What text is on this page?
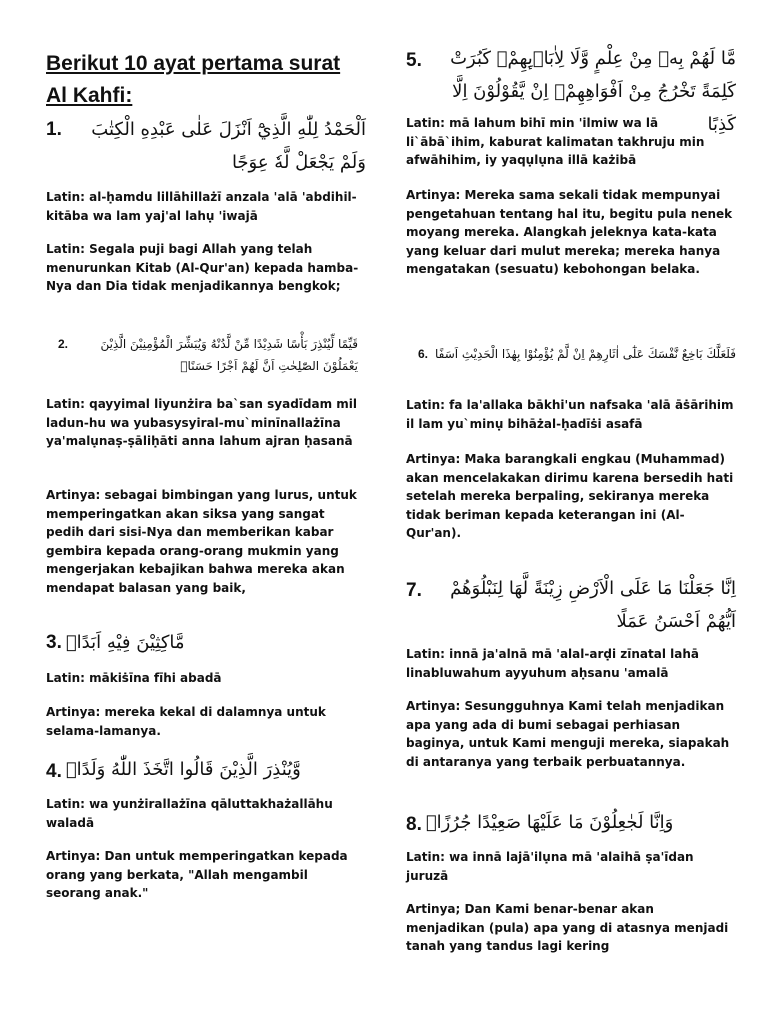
Berikut 10 ayat pertama surat Al Kahfi:
1.	اَلْحَمْدُ لِلّٰهِ الَّذِيْٓ اَنْزَلَ عَلٰى عَبْدِهِ الْكِتٰبَ وَلَمْ يَجْعَلْ لَّهٗ عِوَجًا
Latin: al-ḥamdu lillāhillażī anzala 'alā 'abdihil-kitāba wa lam yaj'al lahụ 'iwajā
Latin: Segala puji bagi Allah yang telah menurunkan Kitab (Al-Qur'an) kepada hamba-Nya dan Dia tidak menjadikannya bengkok;
2.	قَيِّمًا لِّيُنْذِرَ بَأْسًا شَدِيْدًا مِّنْ لَّدُنْهُ وَيُبَشِّرَ الْمُؤْمِنِيْنَ الَّذِيْنَ يَعْمَلُوْنَ الصّٰلِحٰتِ اَنَّ لَهُمْ اَجْرًا حَسَنًاۙ
Latin: qayyimal liyunżira ba`san syadīdam mil ladun-hu wa yubasysyiral-mu`minīnallażīna ya'malụnaṣ-ṣāliḥāti anna lahum ajran ḥasanā
Artinya: sebagai bimbingan yang lurus, untuk memperingatkan akan siksa yang sangat pedih dari sisi-Nya dan memberikan kabar gembira kepada orang-orang mukmin yang mengerjakan kebajikan bahwa mereka akan mendapat balasan yang baik,
3. مَّاكِثِيْنَ فِيْهِ اَبَدًاۙ
Latin: mākiṡīna fīhi abadā
Artinya: mereka kekal di dalamnya untuk selama-lamanya.
4. وَّيُنْذِرَ الَّذِيْنَ قَالُوا اتَّخَذَ اللّٰهُ وَلَدًاۖ
Latin: wa yunżirallażīna qāluttakhażallāhu waladā
Artinya: Dan untuk memperingatkan kepada orang yang berkata, "Allah mengambil seorang anak."
5.	مَّا لَهُمْ بِهٖ مِنْ عِلْمٍ وَّلَا لِاٰبَاۤىِٕهِمْۗ كَبُرَتْ كَلِمَةً تَخْرُجُ مِنْ اَفْوَاهِهِمْۗ اِنْ يَّقُوْلُوْنَ اِلَّا كَذِبًا
Latin: mā lahum bihī min 'ilmiw wa lā li`ābā`ihim, kaburat kalimatan takhruju min afwāhihim, iy yaqụlụna illā każibā
Artinya: Mereka sama sekali tidak mempunyai pengetahuan tentang hal itu, begitu pula nenek moyang mereka. Alangkah jeleknya kata-kata yang keluar dari mulut mereka; mereka hanya mengatakan (sesuatu) kebohongan belaka.
6. فَلَعَلَّكَ بَاخِعٌ نَّفْسَكَ عَلٰٓى اٰثَارِهِمْ اِنْ لَّمْ يُؤْمِنُوْا بِهٰذَا الْحَدِيْثِ اَسَفًا
Latin: fa la'allaka bākhi'un nafsaka 'alā āṡārihim il lam yu`minụ bihāżal-ḥadīṡi asafā
Artinya: Maka barangkali engkau (Muhammad) akan mencelakakan dirimu karena bersedih hati setelah mereka berpaling, sekiranya mereka tidak beriman kepada keterangan ini (Al-Qur'an).
7.	اِنَّا جَعَلْنَا مَا عَلَى الْاَرْضِ زِيْنَةً لَّهَا لِنَبْلُوَهُمْ اَيُّهُمْ اَحْسَنُ عَمَلًا
Latin: innā ja'alnā mā 'alal-arḍi zīnatal lahā linabluwahum ayyuhum aḥsanu 'amalā
Artinya: Sesungguhnya Kami telah menjadikan apa yang ada di bumi sebagai perhiasan baginya, untuk Kami menguji mereka, siapakah di antaranya yang terbaik perbuatannya.
8. وَاِنَّا لَجٰعِلُوْنَ مَا عَلَيْهَا صَعِيْدًا جُرُزًاۗ
Latin: wa innā lajā'ilụna mā 'alaihā ṣa'īdan juruzā
Artinya; Dan Kami benar-benar akan menjadikan (pula) apa yang di atasnya menjadi tanah yang tandus lagi kering
